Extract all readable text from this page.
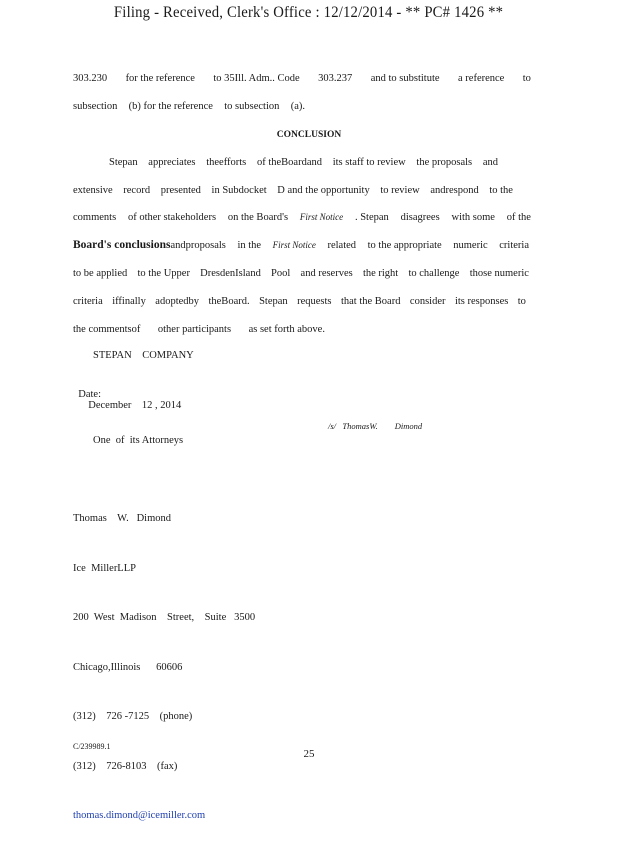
Filing - Received, Clerk's Office : 12/12/2014 - ** PC# 1426 **
303.230 for the reference to 35Ill. Adm.. Code 303.237 and to substitute a reference to
subsection (b) for the reference to subsection (a).
CONCLUSION
Stepan appreciates theefforts of theBoardand its staff to review the proposals and
extensive record presented in Subdocket D and the opportunity to review andrespond to the
comments of other stakeholders on the Board's First Notice . Stepan disagrees with some of the
Board's conclusionsandproposals in the First Notice related to the appropriate numeric criteria
to be applied to the Upper DresdenIsland Pool and reserves the right to challenge those numeric
criteria iffinally adoptedby theBoard. Stepan requests that the Board consider its responses to
the commentsof other participants as set forth above.
STEPAN    COMPANY

Date:
December    12 , 2014

/s/   ThomasW.        Dimond
One  of  its Attorneys

Thomas    W.   Dimond

Ice  MillerLLP

200  West  Madison    Street,    Suite   3500

Chicago,Illinois      60606

(312)    726 -7125    (phone)

(312)    726-8103    (fax)

thomas.dimond@icemiller.com

C/239989.1
25
